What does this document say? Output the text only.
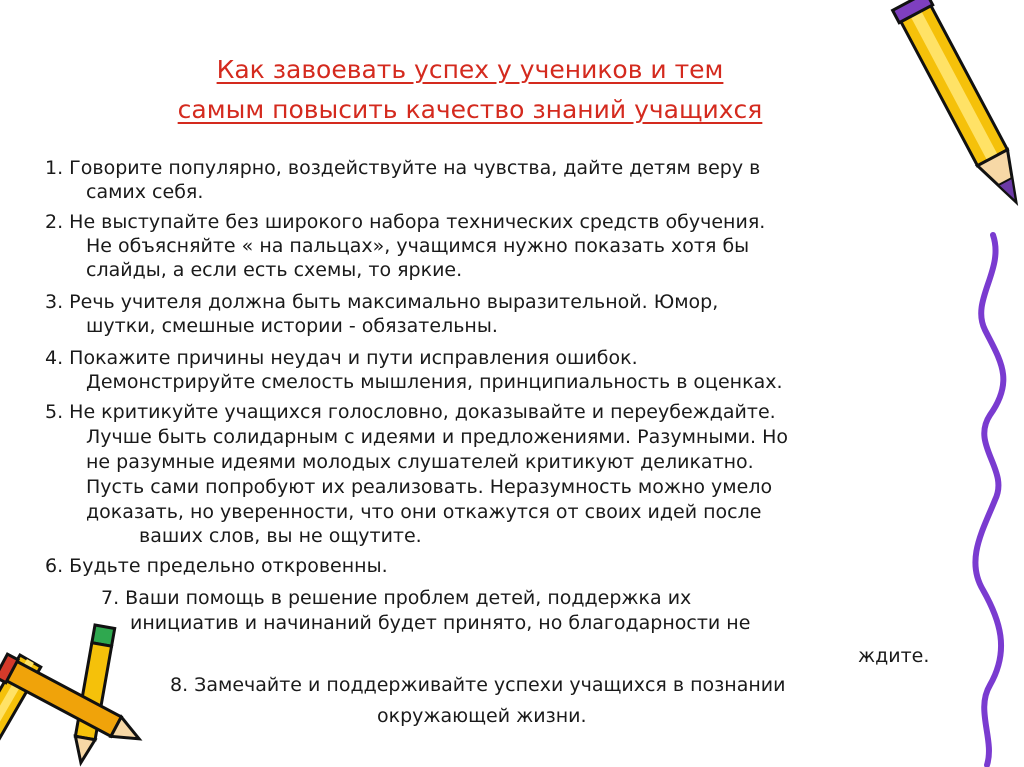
Как завоевать успех у учеников и тем
самым повысить качество знаний учащихся
1. Говорите популярно, воздействуйте на чувства, дайте детям веру в
самих себя.
2. Не выступайте без широкого набора технических средств обучения.
Не объясняйте « на пальцах», учащимся нужно показать хотя бы
слайды, а если есть схемы, то яркие.
3. Речь учителя должна быть максимально выразительной. Юмор,
шутки, смешные истории - обязательны.
4. Покажите причины неудач и пути исправления ошибок.
Демонстрируйте смелость мышления, принципиальность в оценках.
5. Не критикуйте учащихся голословно, доказывайте и переубеждайте.
Лучше быть солидарным с идеями и предложениями. Разумными. Но
не разумные идеями молодых слушателей критикуют деликатно.
Пусть сами попробуют их реализовать. Неразумность можно умело
доказать, но уверенности, что они откажутся от своих идей после
ваших слов, вы не ощутите.
6. Будьте предельно откровенны.
7. Ваши помощь в решение проблем детей, поддержка их
инициатив и начинаний будет принято, но благодарности не
ждите.
8. Замечайте и поддерживайте успехи учащихся в познании
окружающей жизни.
